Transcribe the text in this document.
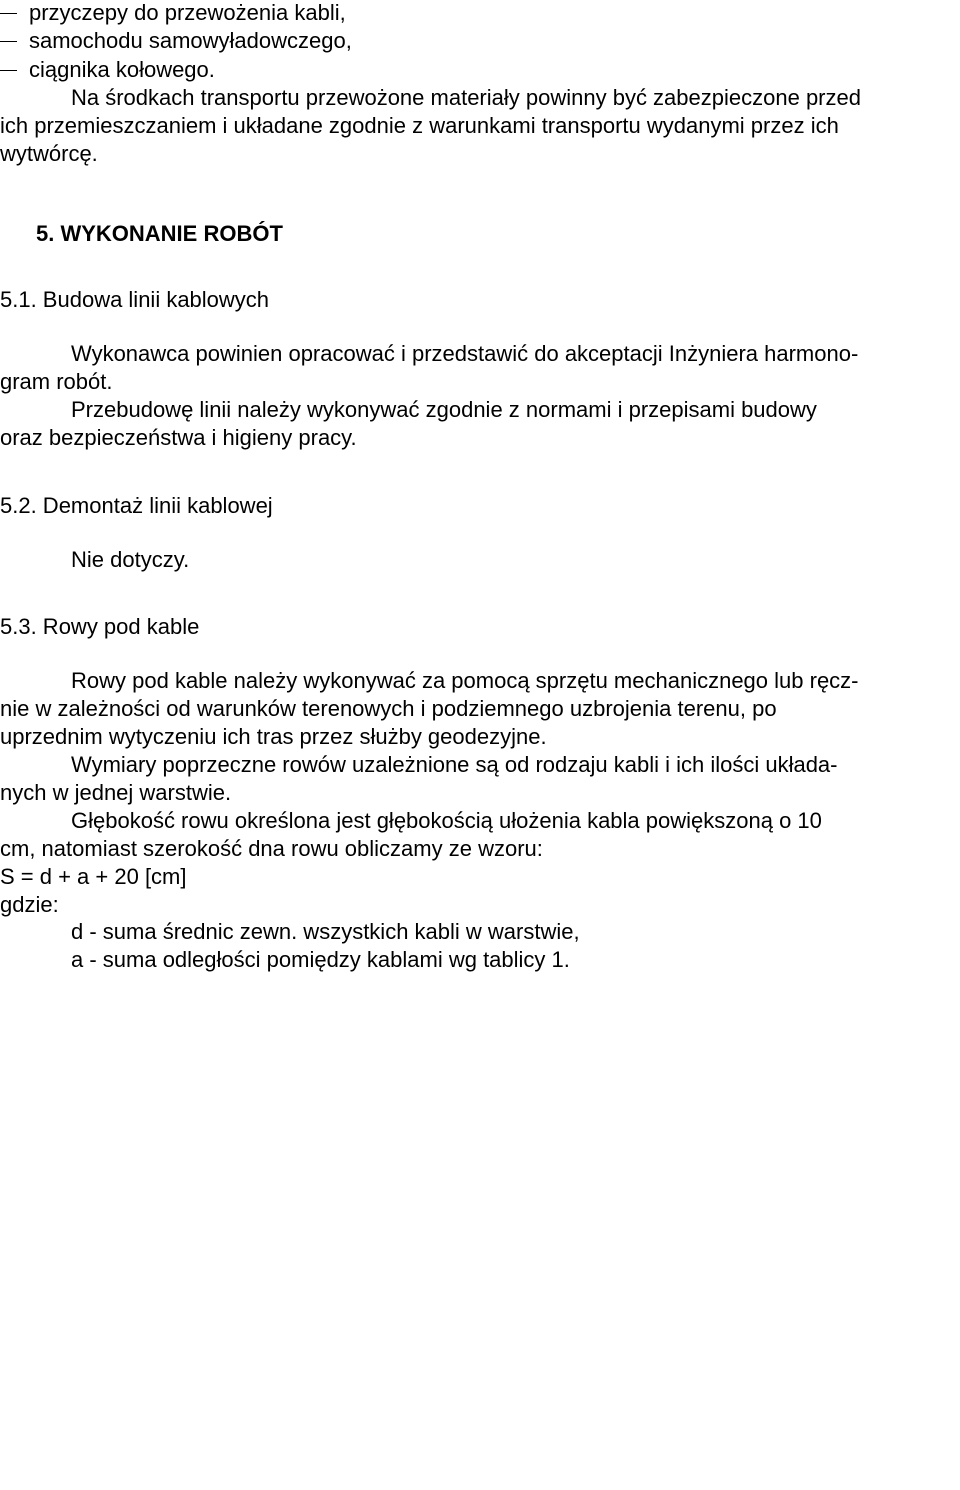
przyczepy do przewożenia kabli,
samochodu samowyładowczego,
ciągnika kołowego.
Na środkach transportu przewożone materiały powinny być zabezpieczone przed
ich przemieszczaniem i układane zgodnie z warunkami transportu wydanymi przez ich
wytwórcę.
5. WYKONANIE ROBÓT
5.1. Budowa linii kablowych
Wykonawca powinien opracować i przedstawić do akceptacji Inżyniera harmono-
gram robót.
Przebudowę linii należy wykonywać zgodnie z normami i przepisami budowy
oraz bezpieczeństwa i higieny pracy.
5.2. Demontaż linii kablowej
Nie dotyczy.
5.3. Rowy pod kable
Rowy pod kable należy wykonywać za pomocą sprzętu mechanicznego lub ręcz-
nie w zależności od warunków terenowych i podziemnego uzbrojenia terenu, po
uprzednim wytyczeniu ich tras przez służby geodezyjne.
Wymiary poprzeczne rowów uzależnione są od rodzaju kabli i ich ilości układa-
nych w jednej warstwie.
Głębokość rowu określona jest głębokością ułożenia kabla powiększoną o 10
cm, natomiast szerokość dna rowu obliczamy ze wzoru:
S = d + a + 20 [cm]
gdzie:
d - suma średnic zewn. wszystkich kabli w warstwie,
a - suma odległości pomiędzy kablami wg tablicy 1.
